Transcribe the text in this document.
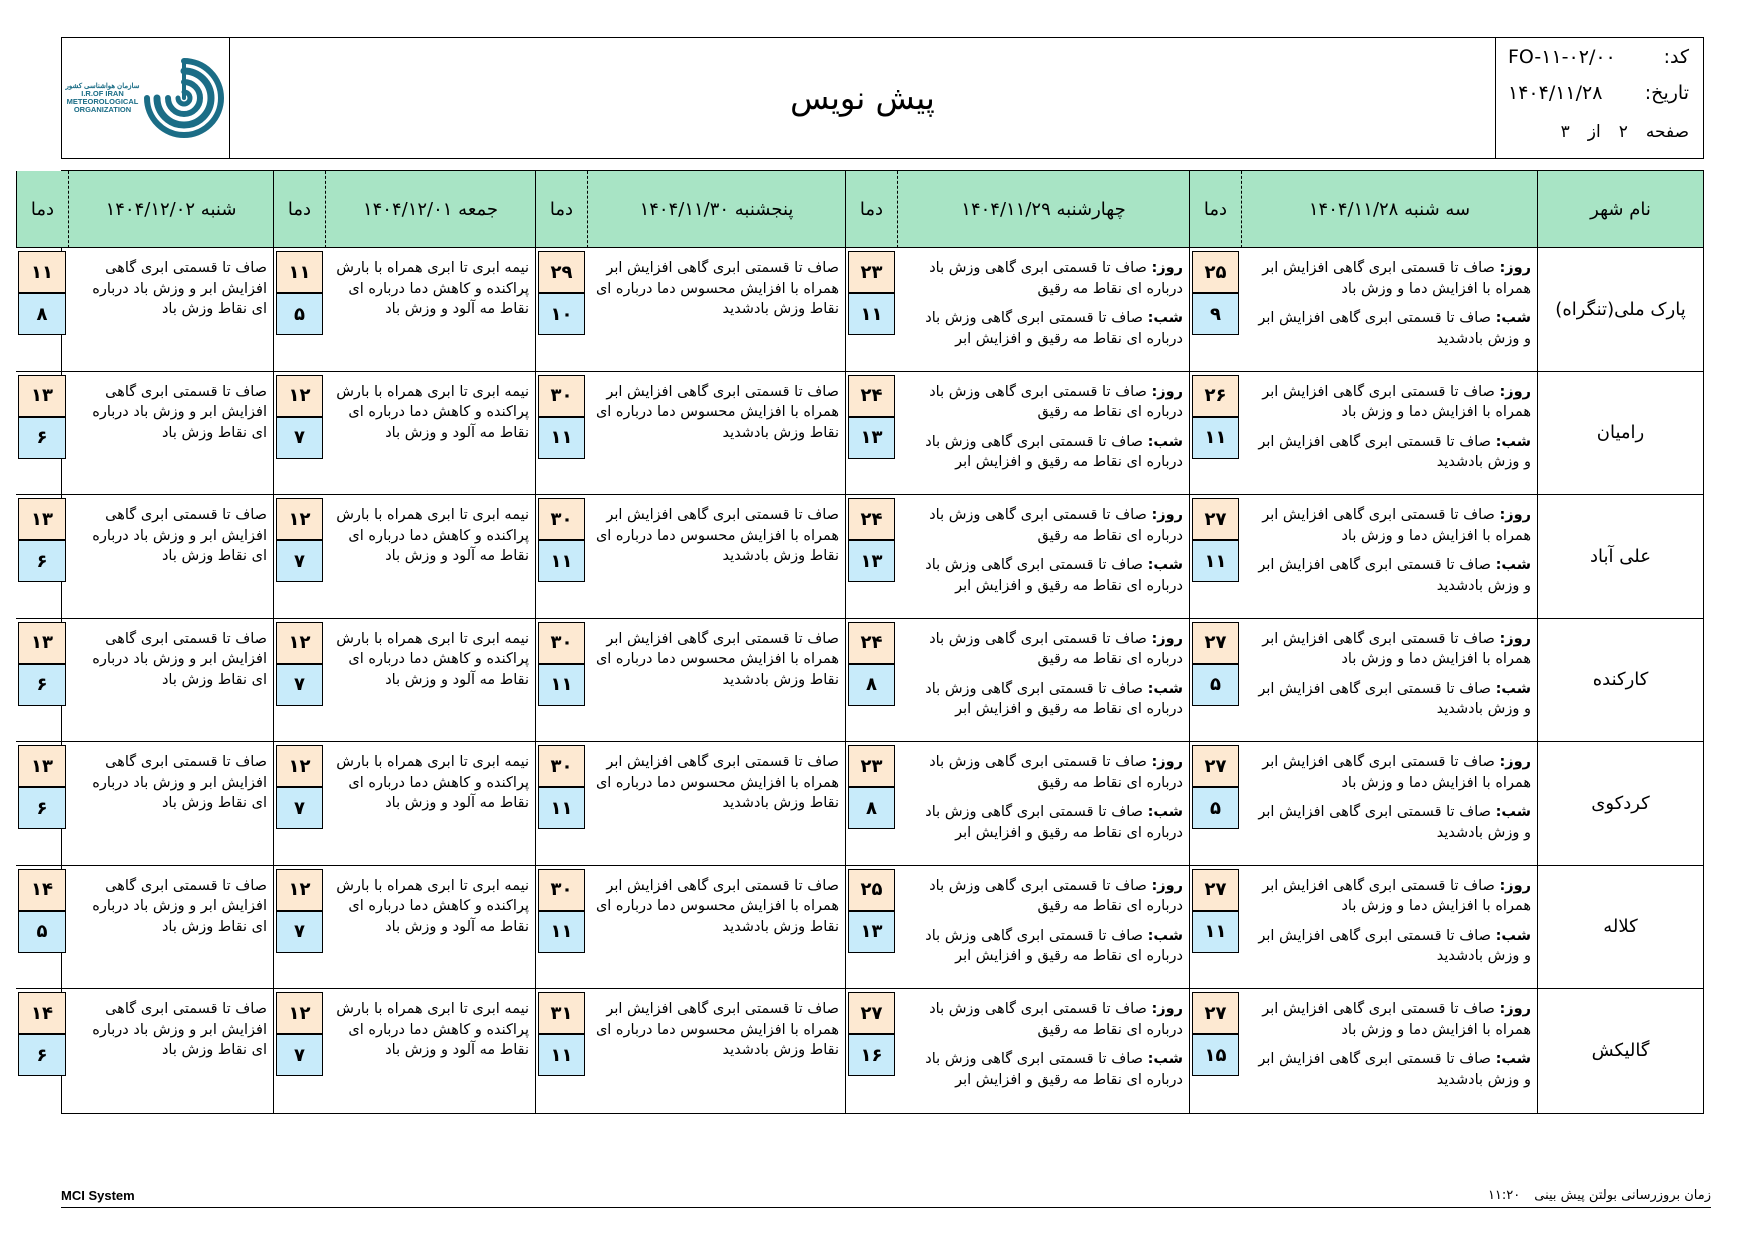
سازمان هواشناسی کشور
I.R.OF IRAN
METEOROLOGICAL
ORGANIZATION	پیش نویس
کد:
FO-۱۱-۰۲/۰۰
تاریخ:
۱۴۰۴/۱۱/۲۸
صفحه
۲
از
۳
نام شهر
سه شنبه ۱۴۰۴/۱۱/۲۸
دما
چهارشنبه ۱۴۰۴/۱۱/۲۹
دما
پنجشنبه ۱۴۰۴/۱۱/۳۰
دما
جمعه ۱۴۰۴/۱۲/۰۱
دما
شنبه ۱۴۰۴/۱۲/۰۲
دما
پارک ملی(تنگراه)
روز: صاف تا قسمتی ابری گاهی افزایش ابر همراه با افزایش دما و وزش باد
شب: صاف تا قسمتی ابری گاهی افزایش ابر و وزش بادشدید
۲۵
۹
روز: صاف تا قسمتی ابری گاهی وزش باد درباره ای نقاط مه رقیق
شب: صاف تا قسمتی ابری گاهی وزش باد درباره ای نقاط مه رقیق و افزایش ابر
۲۳
۱۱
صاف تا قسمتی ابری گاهی افزایش ابر همراه با افزایش محسوس دما درباره ای نقاط وزش بادشدید
۲۹
۱۰
نیمه ابری تا ابری همراه با بارش پراکنده و کاهش دما درباره ای نقاط مه آلود و وزش باد
۱۱
۵
صاف تا قسمتی ابری گاهی افزایش ابر و وزش باد درباره ای نقاط وزش باد
۱۱
۸
رامیان
روز: صاف تا قسمتی ابری گاهی افزایش ابر همراه با افزایش دما و وزش باد
شب: صاف تا قسمتی ابری گاهی افزایش ابر و وزش بادشدید
۲۶
۱۱
روز: صاف تا قسمتی ابری گاهی وزش باد درباره ای نقاط مه رقیق
شب: صاف تا قسمتی ابری گاهی وزش باد درباره ای نقاط مه رقیق و افزایش ابر
۲۴
۱۳
صاف تا قسمتی ابری گاهی افزایش ابر همراه با افزایش محسوس دما درباره ای نقاط وزش بادشدید
۳۰
۱۱
نیمه ابری تا ابری همراه با بارش پراکنده و کاهش دما درباره ای نقاط مه آلود و وزش باد
۱۲
۷
صاف تا قسمتی ابری گاهی افزایش ابر و وزش باد درباره ای نقاط وزش باد
۱۳
۶
علی آباد
روز: صاف تا قسمتی ابری گاهی افزایش ابر همراه با افزایش دما و وزش باد
شب: صاف تا قسمتی ابری گاهی افزایش ابر و وزش بادشدید
۲۷
۱۱
روز: صاف تا قسمتی ابری گاهی وزش باد درباره ای نقاط مه رقیق
شب: صاف تا قسمتی ابری گاهی وزش باد درباره ای نقاط مه رقیق و افزایش ابر
۲۴
۱۳
صاف تا قسمتی ابری گاهی افزایش ابر همراه با افزایش محسوس دما درباره ای نقاط وزش بادشدید
۳۰
۱۱
نیمه ابری تا ابری همراه با بارش پراکنده و کاهش دما درباره ای نقاط مه آلود و وزش باد
۱۲
۷
صاف تا قسمتی ابری گاهی افزایش ابر و وزش باد درباره ای نقاط وزش باد
۱۳
۶
کارکنده
روز: صاف تا قسمتی ابری گاهی افزایش ابر همراه با افزایش دما و وزش باد
شب: صاف تا قسمتی ابری گاهی افزایش ابر و وزش بادشدید
۲۷
۵
روز: صاف تا قسمتی ابری گاهی وزش باد درباره ای نقاط مه رقیق
شب: صاف تا قسمتی ابری گاهی وزش باد درباره ای نقاط مه رقیق و افزایش ابر
۲۴
۸
صاف تا قسمتی ابری گاهی افزایش ابر همراه با افزایش محسوس دما درباره ای نقاط وزش بادشدید
۳۰
۱۱
نیمه ابری تا ابری همراه با بارش پراکنده و کاهش دما درباره ای نقاط مه آلود و وزش باد
۱۲
۷
صاف تا قسمتی ابری گاهی افزایش ابر و وزش باد درباره ای نقاط وزش باد
۱۳
۶
کردکوی
روز: صاف تا قسمتی ابری گاهی افزایش ابر همراه با افزایش دما و وزش باد
شب: صاف تا قسمتی ابری گاهی افزایش ابر و وزش بادشدید
۲۷
۵
روز: صاف تا قسمتی ابری گاهی وزش باد درباره ای نقاط مه رقیق
شب: صاف تا قسمتی ابری گاهی وزش باد درباره ای نقاط مه رقیق و افزایش ابر
۲۳
۸
صاف تا قسمتی ابری گاهی افزایش ابر همراه با افزایش محسوس دما درباره ای نقاط وزش بادشدید
۳۰
۱۱
نیمه ابری تا ابری همراه با بارش پراکنده و کاهش دما درباره ای نقاط مه آلود و وزش باد
۱۲
۷
صاف تا قسمتی ابری گاهی افزایش ابر و وزش باد درباره ای نقاط وزش باد
۱۳
۶
کلاله
روز: صاف تا قسمتی ابری گاهی افزایش ابر همراه با افزایش دما و وزش باد
شب: صاف تا قسمتی ابری گاهی افزایش ابر و وزش بادشدید
۲۷
۱۱
روز: صاف تا قسمتی ابری گاهی وزش باد درباره ای نقاط مه رقیق
شب: صاف تا قسمتی ابری گاهی وزش باد درباره ای نقاط مه رقیق و افزایش ابر
۲۵
۱۳
صاف تا قسمتی ابری گاهی افزایش ابر همراه با افزایش محسوس دما درباره ای نقاط وزش بادشدید
۳۰
۱۱
نیمه ابری تا ابری همراه با بارش پراکنده و کاهش دما درباره ای نقاط مه آلود و وزش باد
۱۲
۷
صاف تا قسمتی ابری گاهی افزایش ابر و وزش باد درباره ای نقاط وزش باد
۱۴
۵
گالیکش
روز: صاف تا قسمتی ابری گاهی افزایش ابر همراه با افزایش دما و وزش باد
شب: صاف تا قسمتی ابری گاهی افزایش ابر و وزش بادشدید
۲۷
۱۵
روز: صاف تا قسمتی ابری گاهی وزش باد درباره ای نقاط مه رقیق
شب: صاف تا قسمتی ابری گاهی وزش باد درباره ای نقاط مه رقیق و افزایش ابر
۲۷
۱۶
صاف تا قسمتی ابری گاهی افزایش ابر همراه با افزایش محسوس دما درباره ای نقاط وزش بادشدید
۳۱
۱۱
نیمه ابری تا ابری همراه با بارش پراکنده و کاهش دما درباره ای نقاط مه آلود و وزش باد
۱۲
۷
صاف تا قسمتی ابری گاهی افزایش ابر و وزش باد درباره ای نقاط وزش باد
۱۴
۶
MCI System	زمان بروزرسانی بولتن پیش بینی
۱۱:۲۰
